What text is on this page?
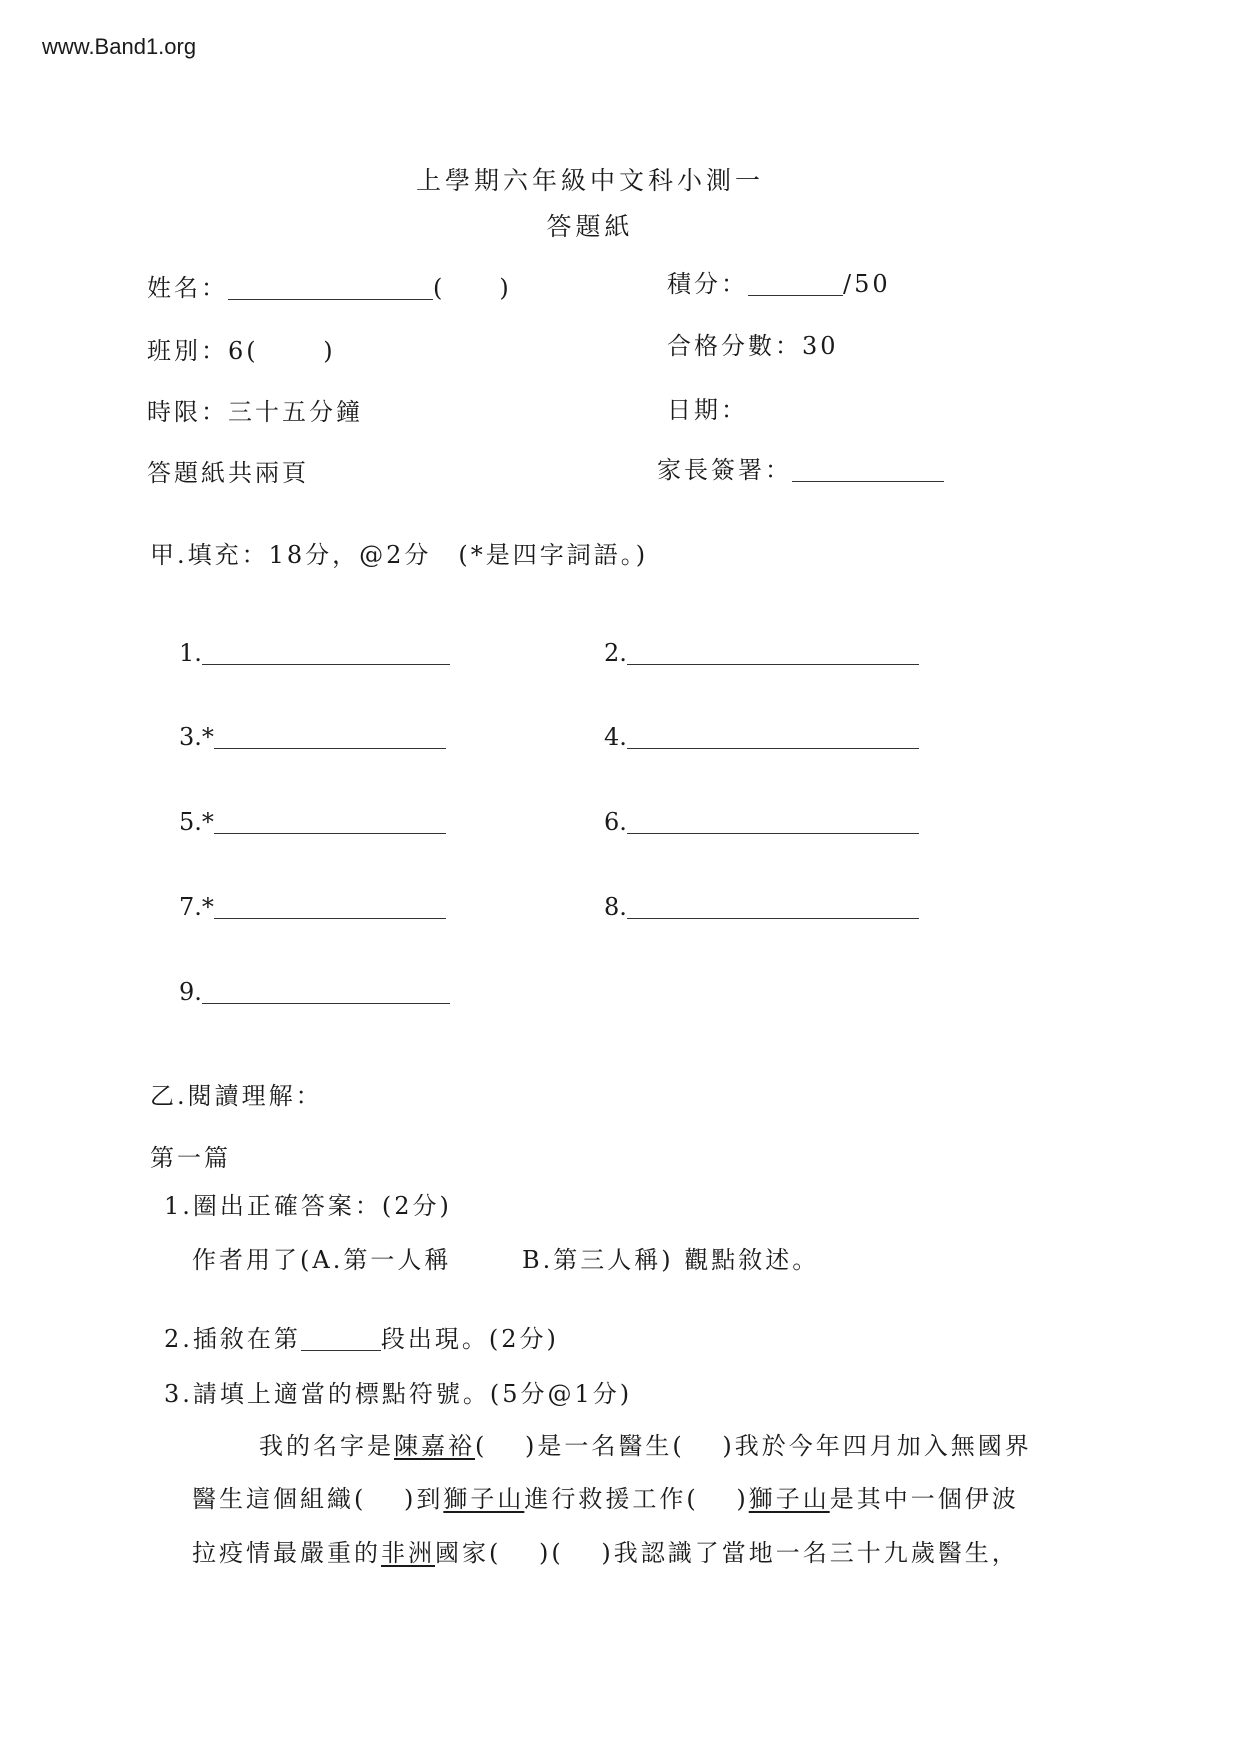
www.Band1.org
上學期六年級中文科小測一
答題紙
姓名：	(　　)	積分：	/50
班別：6(　　 )	合格分數：30
時限：三十五分鐘	日期：
答題紙共兩頁	家長簽署：
甲.填充：18分，@2分　(*是四字詞語。)
1.	2.
3.*	4.
5.*	6.
7.*	8.
9.
乙.閱讀理解：
第一篇
1.圈出正確答案：(2分)
作者用了(A.第一人稱	B.第三人稱) 觀點敘述。
2.插敘在第	段出現。(2分)
3.請填上適當的標點符號。(5分@1分)
我的名字是陳嘉裕(　 )是一名醫生(　 )我於今年四月加入無國界
醫生這個組織(　 )到獅子山進行救援工作(　 )獅子山是其中一個伊波
拉疫情最嚴重的非洲國家(　 )(　 )我認識了當地一名三十九歲醫生，
